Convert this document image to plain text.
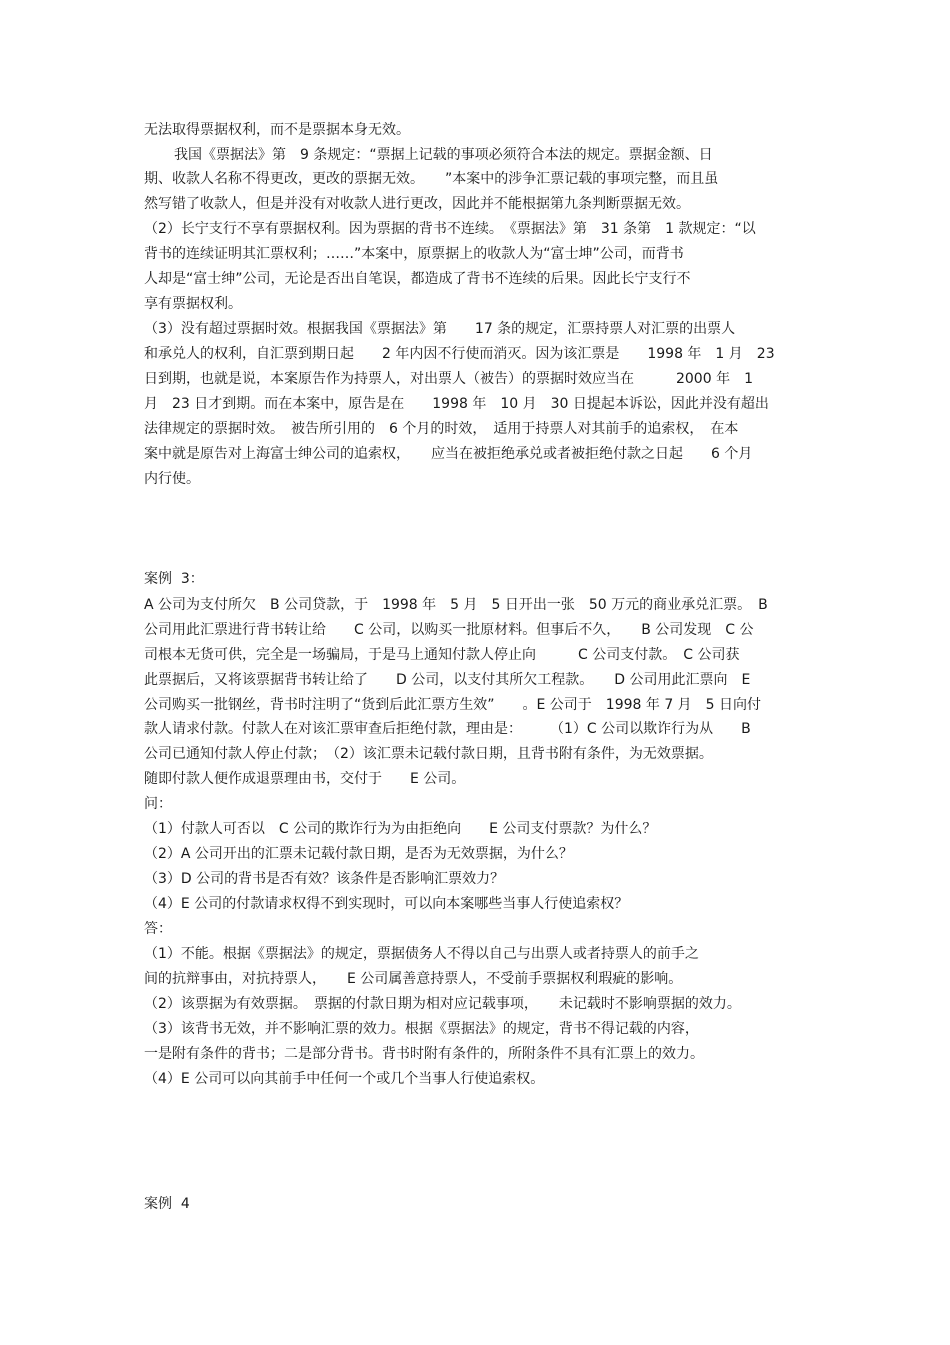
无法取得票据权利，而不是票据本身无效。
我国《票据法》第　9 条规定：“票据上记载的事项必须符合本法的规定。票据金额、日
期、收款人名称不得更改，更改的票据无效。　　”本案中的涉争汇票记载的事项完整，而且虽
然写错了收款人，但是并没有对收款人进行更改，因此并不能根据第九条判断票据无效。
（2）长宁支行不享有票据权利。因为票据的背书不连续。　《票据法》第　31 条第　1 款规定：“以
背书的连续证明其汇票权利；……”本案中，原票据上的收款人为“富士坤”公司，而背书
人却是“富士绅”公司，无论是否出自笔误，都造成了背书不连续的后果。因此长宁支行不
享有票据权利。
（3）没有超过票据时效。根据我国《票据法》第　　17 条的规定，汇票持票人对汇票的出票人
和承兑人的权利，自汇票到期日起　　2 年内因不行使而消灭。因为该汇票是　　1998 年　1 月　23
日到期，也就是说，本案原告作为持票人，对出票人（被告）的票据时效应当在　　　2000 年　1
月　23 日才到期。而在本案中，原告是在　　1998 年　10 月　30 日提起本诉讼，因此并没有超出
法律规定的票据时效。　被告所引用的　6 个月的时效，　适用于持票人对其前手的追索权，　在本
案中就是原告对上海富士绅公司的追索权，　　应当在被拒绝承兑或者被拒绝付款之日起　　6 个月
内行使。
案例  3：
A 公司为支付所欠　B 公司贷款，于　1998 年　5 月　5 日开出一张　50 万元的商业承兑汇票。　B
公司用此汇票进行背书转让给　　C 公司，以购买一批原材料。但事后不久，　　B 公司发现　C 公
司根本无货可供，完全是一场骗局，于是马上通知付款人停止向　　　C 公司支付款。　C 公司获
此票据后，又将该票据背书转让给了　　D 公司，以支付其所欠工程款。　　D 公司用此汇票向　E
公司购买一批钢丝，背书时注明了“货到后此汇票方生效”　　。E 公司于　1998 年 7 月　5 日向付
款人请求付款。付款人在对该汇票审查后拒绝付款，理由是：　　　（1）C 公司以欺诈行为从　　B
公司已通知付款人停止付款；　（2）该汇票未记载付款日期，且背书附有条件，为无效票据。
随即付款人便作成退票理由书，交付于　　E 公司。
问：
（1）付款人可否以　C 公司的欺诈行为为由拒绝向　　E 公司支付票款？为什么？
（2）A 公司开出的汇票未记载付款日期，是否为无效票据，为什么？
（3）D 公司的背书是否有效？该条件是否影响汇票效力？
（4）E 公司的付款请求权得不到实现时，可以向本案哪些当事人行使追索权？
答：
（1）不能。根据《票据法》的规定，票据债务人不得以自己与出票人或者持票人的前手之
间的抗辩事由，对抗持票人，　　E 公司属善意持票人，不受前手票据权利瑕疵的影响。
（2）该票据为有效票据。　票据的付款日期为相对应记载事项，　　未记载时不影响票据的效力。
（3）该背书无效，并不影响汇票的效力。根据《票据法》的规定，背书不得记载的内容，
一是附有条件的背书；二是部分背书。背书时附有条件的，所附条件不具有汇票上的效力。
（4）E 公司可以向其前手中任何一个或几个当事人行使追索权。
案例  4
